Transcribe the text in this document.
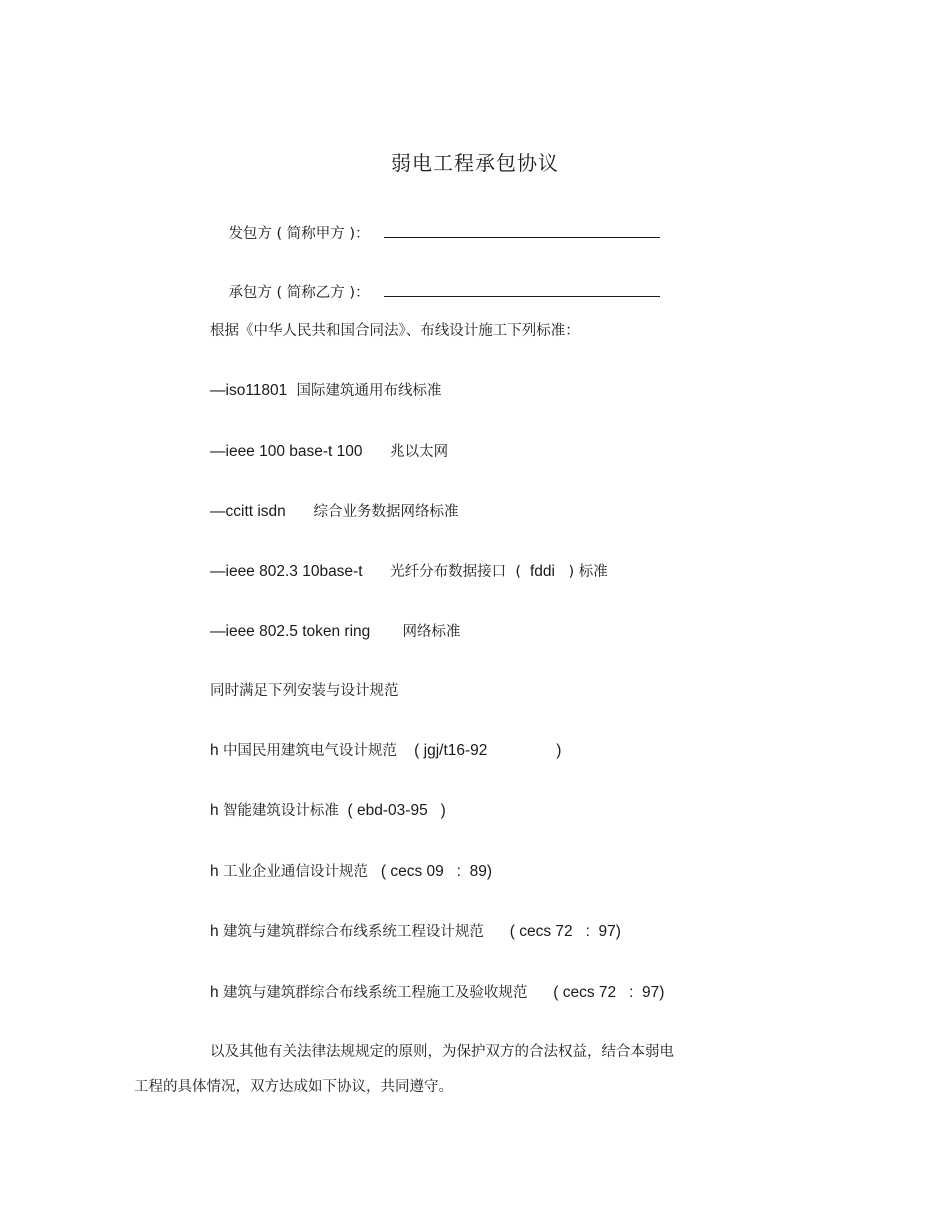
弱电工程承包协议

发包方 ( 简称甲方 )：

承包方 ( 简称乙方 )：

根据《中华人民共和国合同法》、布线设计施工下列标准：
—iso11801  国际建筑通用布线标准
—ieee 100 base-t 100      兆以太网
—ccitt isdn      综合业务数据网络标准
—ieee 802.3 10base-t      光纤分布数据接口  (  fddi   ) 标准
—ieee 802.5 token ring       网络标准
同时满足下列安装与设计规范
h 中国民用建筑电气设计规范    ( jgj/t16-92                )
h 智能建筑设计标准  ( ebd-03-95   )
h 工业企业通信设计规范   ( cecs 09   :  89)
h 建筑与建筑群综合布线系统工程设计规范      ( cecs 72   :  97)
h 建筑与建筑群综合布线系统工程施工及验收规范      ( cecs 72   :  97)
以及其他有关法律法规规定的原则，为保护双方的合法权益，结合本弱电
工程的具体情况，双方达成如下协议，共同遵守。
